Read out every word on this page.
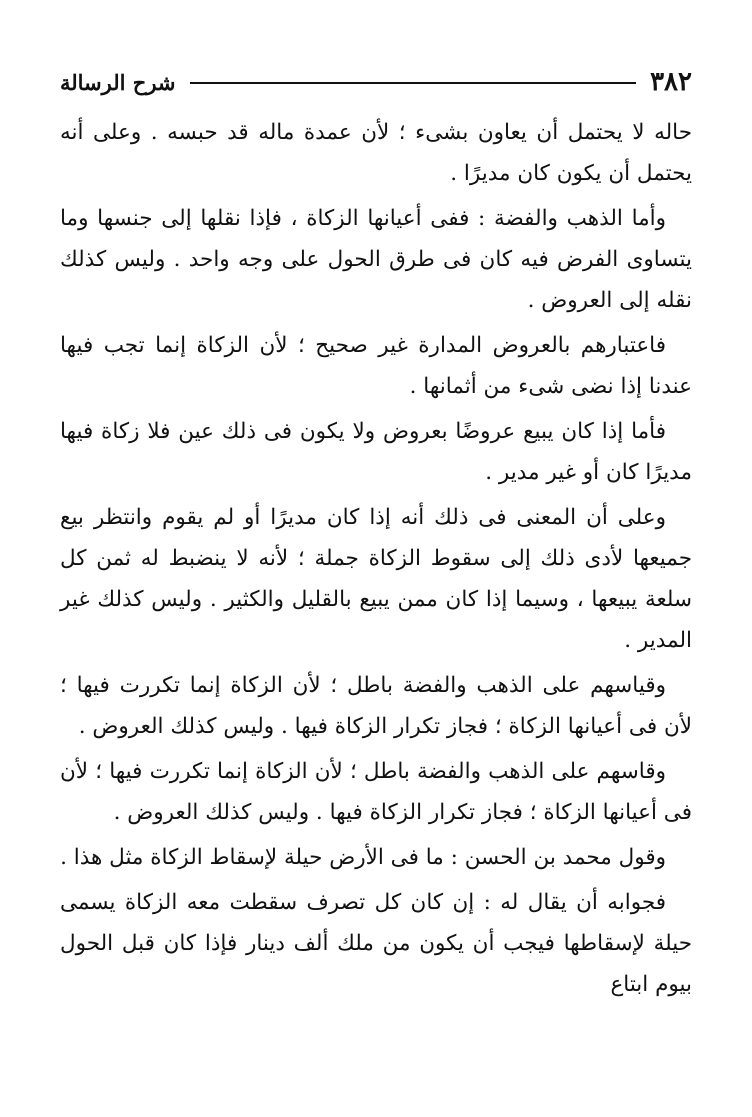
٣٨٢
شرح الرسالة

حاله لا يحتمل أن يعاون بشىء ؛ لأن عمدة ماله قد حبسه . وعلى أنه يحتمل أن يكون كان مديرًا .

وأما الذهب والفضة : ففى أعيانها الزكاة ، فإذا نقلها إلى جنسها وما يتساوى الفرض فيه كان فى طرق الحول على وجه واحد . وليس كذلك نقله إلى العروض .

فاعتبارهم بالعروض المدارة غير صحيح ؛ لأن الزكاة إنما تجب فيها عندنا إذا نضى شىء من أثمانها .

فأما إذا كان يبيع عروضًا بعروض ولا يكون فى ذلك عين فلا زكاة فيها مديرًا كان أو غير مدير .

وعلى أن المعنى فى ذلك أنه إذا كان مديرًا أو لم يقوم وانتظر بيع جميعها لأدى ذلك إلى سقوط الزكاة جملة ؛ لأنه لا ينضبط له ثمن كل سلعة يبيعها ، وسيما إذا كان ممن يبيع بالقليل والكثير . وليس كذلك غير المدير .

وقياسهم على الذهب والفضة باطل ؛ لأن الزكاة إنما تكررت فيها ؛ لأن فى أعيانها الزكاة ؛ فجاز تكرار الزكاة فيها . وليس كذلك العروض .

وقاسهم على الذهب والفضة باطل ؛ لأن الزكاة إنما تكررت فيها ؛ لأن فى أعيانها الزكاة ؛ فجاز تكرار الزكاة فيها . وليس كذلك العروض .

وقول محمد بن الحسن : ما فى الأرض حيلة لإسقاط الزكاة مثل هذا .

فجوابه أن يقال له : إن كان كل تصرف سقطت معه الزكاة يسمى حيلة لإسقاطها فيجب أن يكون من ملك ألف دينار فإذا كان قبل الحول بيوم ابتاع
